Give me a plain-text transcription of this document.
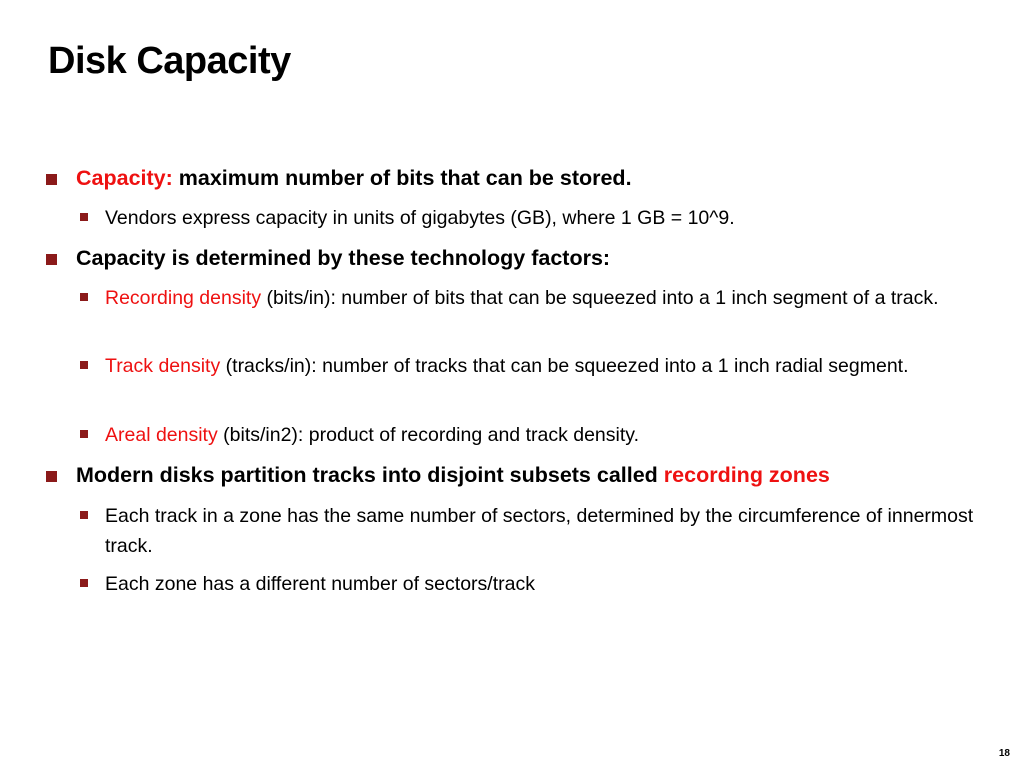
Disk Capacity
Capacity: maximum number of bits that can be stored.
Vendors express capacity in units of gigabytes (GB), where 1 GB = 10^9.
Capacity is determined by these technology factors:
Recording density (bits/in): number of bits that can be squeezed into a 1 inch segment of a track.
Track density (tracks/in): number of tracks that can be squeezed into a 1 inch radial segment.
Areal density (bits/in2): product of recording and track density.
Modern disks partition tracks into disjoint subsets called recording zones
Each track in a zone has the same number of sectors, determined by the circumference of innermost track.
Each zone has a different number of sectors/track
18
